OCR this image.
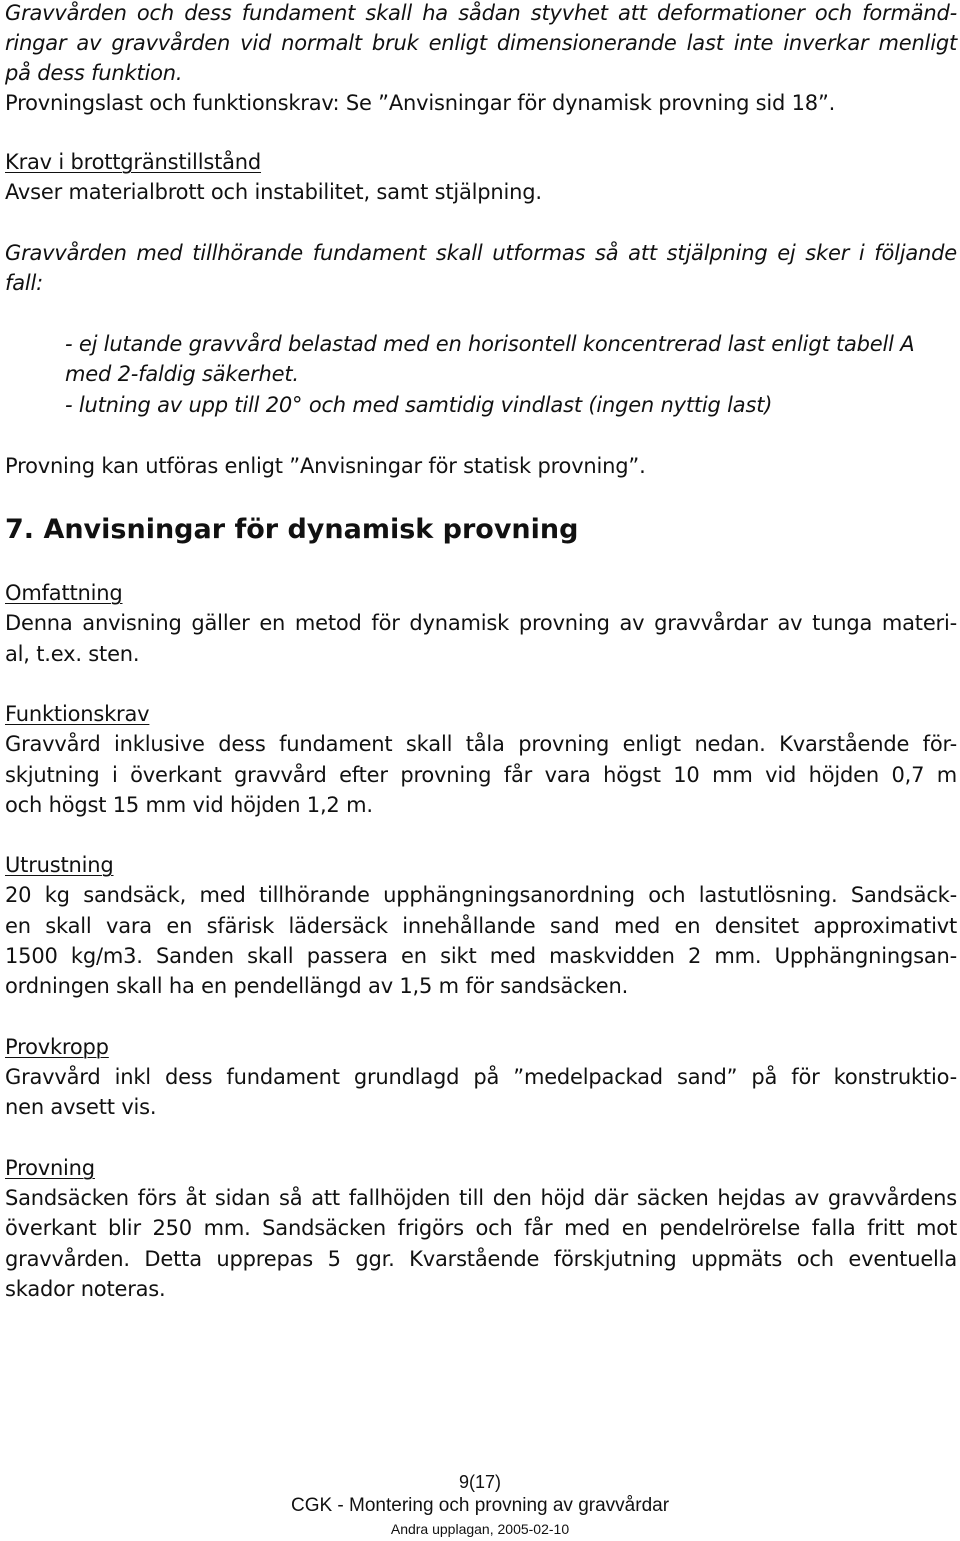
Gravvården och dess fundament skall ha sådan styvhet att deformationer och formänd-
ringar av gravvården vid normalt bruk enligt dimensionerande last inte inverkar menligt
på dess funktion.
Provningslast och funktionskrav: Se ”Anvisningar för dynamisk provning sid 18”.
Krav i brottgränstillstånd
Avser materialbrott och instabilitet, samt stjälpning.
Gravvården med tillhörande fundament skall utformas så att stjälpning ej sker i följande
fall:
- ej lutande gravvård belastad med en horisontell koncentrerad last enligt tabell A
med 2-faldig säkerhet.
- lutning av upp till 20° och med samtidig vindlast (ingen nyttig last)
Provning kan utföras enligt ”Anvisningar för statisk provning”.
7. Anvisningar för dynamisk provning
Omfattning
Denna anvisning gäller en metod för dynamisk provning av gravvårdar av tunga materi-
al, t.ex. sten.
Funktionskrav
Gravvård inklusive dess fundament skall tåla provning enligt nedan. Kvarstående för-
skjutning i överkant gravvård efter provning får vara högst 10 mm vid höjden 0,7 m
och högst 15 mm vid höjden 1,2 m.
Utrustning
20 kg sandsäck, med tillhörande upphängningsanordning och lastutlösning. Sandsäck-
en skall vara en sfärisk lädersäck innehållande sand med en densitet approximativt
1500 kg/m3. Sanden skall passera en sikt med maskvidden 2 mm. Upphängningsan-
ordningen skall ha en pendellängd av 1,5 m för sandsäcken.
Provkropp
Gravvård inkl dess fundament grundlagd på ”medelpackad sand” på för konstruktio-
nen avsett vis.
Provning
Sandsäcken förs åt sidan så att fallhöjden till den höjd där säcken hejdas av gravvårdens
överkant blir 250 mm. Sandsäcken frigörs och får med en pendelrörelse falla fritt mot
gravvården. Detta upprepas 5 ggr. Kvarstående förskjutning uppmäts och eventuella
skador noteras.
9(17)
CGK - Montering och provning av gravvårdar
Andra upplagan, 2005-02-10
